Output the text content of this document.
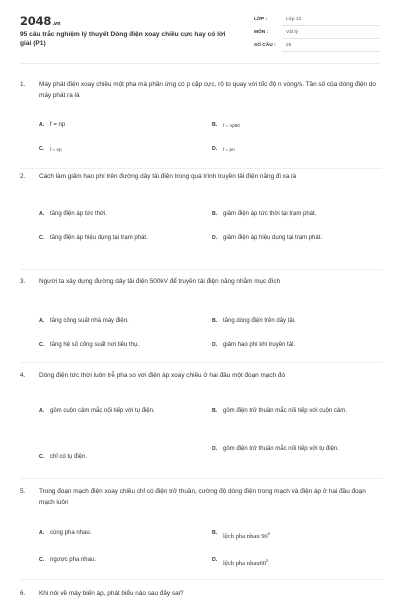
2048.vn
95 câu trắc nghiệm lý thuyết Dòng điện xoay chiều cực hay có lời giải (P1)
LỚP :	Lớp 12
MÔN :	Vật lý
SỐ CÂU : 25
1. Máy phát điện xoay chiều một pha mà phần ứng có p cặp cực, rô to quay với tốc độ n vòng/s. Tần số của dòng điện do máy phát ra là
A. f = np	B. f = np60
C. f = np	D. f = pn
2. Cách làm giảm hao phí trên đường dây tải điện trong quá trình truyền tải điện năng đi xa là
A. tăng điện áp tức thời.	B. giảm điện áp tức thời tại trạm phát.
C. tăng điện áp hiệu dụng tại trạm phát.	D. giảm điện áp hiệu dụng tại trạm phát.
3. Người ta xây dựng đường dây tải điện 500kV để truyền tải điện năng nhằm mục đích
A. tăng công suất nhà máy điện.	B. tăng dòng điện trên dây tải.
C. tăng hệ số công suất nơi tiêu thụ.	D. giảm hao phí khi truyền tải.
4. Dòng điện tức thời luôn trễ pha so với điện áp xoay chiều ở hai đầu một đoạn mạch đó
A. gồm cuộn cảm mắc nối tiếp với tụ điện.	B. gồm điện trở thuần mắc nối tiếp với cuộn cảm.
C. chỉ có tụ điện.
D. gồm điện trở thuần mắc nối tiếp với tụ điện.
5. Trong đoạn mạch điện xoay chiều chỉ có điện trở thuần, cường độ dòng điện trong mạch và điện áp ở hai đầu đoạn mạch luôn
A. cùng pha nhau.	B.
lệch pha nhau $90^0$
C. ngược pha nhau.	D.
lệch pha $nhau60^0$
6. Khi nói về máy biến áp, phát biểu nào sau đây sai?
